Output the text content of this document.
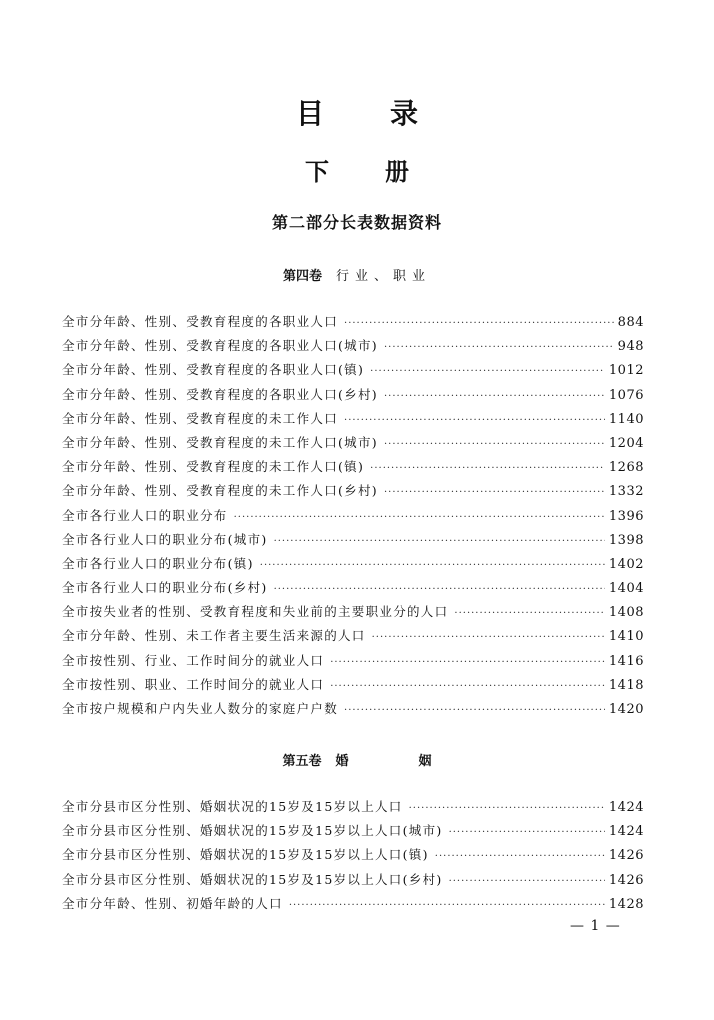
目 录
下 册
第二部分长表数据资料
第四卷 行业、职业
全市分年龄、性别、受教育程度的各职业人口 ·····	884
全市分年龄、性别、受教育程度的各职业人口(城市) ·····	948
全市分年龄、性别、受教育程度的各职业人口(镇) ·····	1012
全市分年龄、性别、受教育程度的各职业人口(乡村) ·····	1076
全市分年龄、性别、受教育程度的未工作人口 ·····	1140
全市分年龄、性别、受教育程度的未工作人口(城市) ·····	1204
全市分年龄、性别、受教育程度的未工作人口(镇) ·····	1268
全市分年龄、性别、受教育程度的未工作人口(乡村) ·····	1332
全市各行业人口的职业分布 ·····	1396
全市各行业人口的职业分布(城市) ·····	1398
全市各行业人口的职业分布(镇) ·····	1402
全市各行业人口的职业分布(乡村) ·····	1404
全市按失业者的性别、受教育程度和失业前的主要职业分的人口 ·····	1408
全市分年龄、性别、未工作者主要生活来源的人口 ·····	1410
全市按性别、行业、工作时间分的就业人口 ·····	1416
全市按性别、职业、工作时间分的就业人口 ·····	1418
全市按户规模和户内失业人数分的家庭户户数 ·····	1420
第五卷 婚	姻
全市分县市区分性别、婚姻状况的15岁及15岁以上人口 ·····	1424
全市分县市区分性别、婚姻状况的15岁及15岁以上人口(城市) ·····	1424
全市分县市区分性别、婚姻状况的15岁及15岁以上人口(镇) ·····	1426
全市分县市区分性别、婚姻状况的15岁及15岁以上人口(乡村) ·····	1426
全市分年龄、性别、初婚年龄的人口 ·····	1428
— 1 —
